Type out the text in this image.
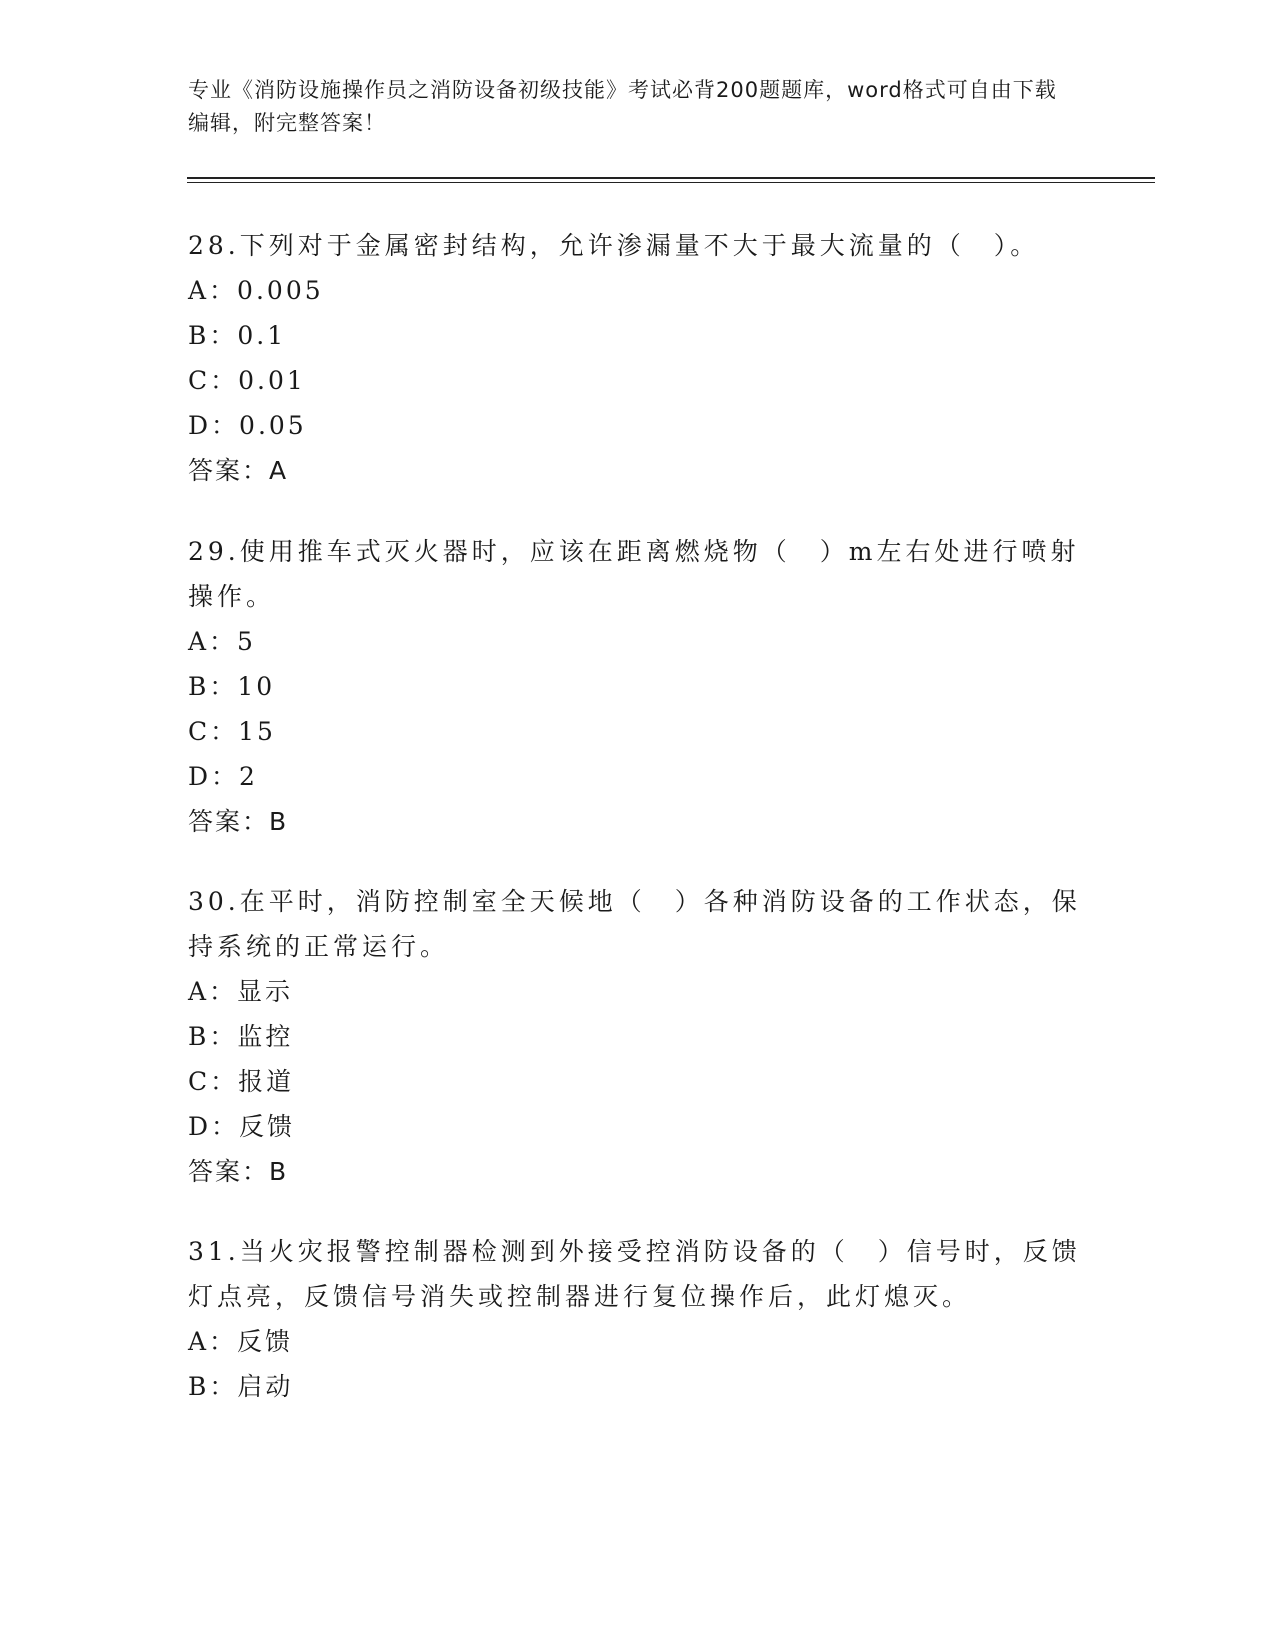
专业《消防设施操作员之消防设备初级技能》考试必背200题题库，word格式可自由下载编辑，附完整答案！

28.下列对于金属密封结构，允许渗漏量不大于最大流量的（　）。

A：0.005

B：0.1

C：0.01

D：0.05

答案：A

29.使用推车式灭火器时，应该在距离燃烧物（　）m左右处进行喷射操作。

A：5

B：10

C：15

D：2

答案：B

30.在平时，消防控制室全天候地（　）各种消防设备的工作状态，保持系统的正常运行。

A：显示

B：监控

C：报道

D：反馈

答案：B

31.当火灾报警控制器检测到外接受控消防设备的（　）信号时，反馈灯点亮，反馈信号消失或控制器进行复位操作后，此灯熄灭。

A：反馈

B：启动
